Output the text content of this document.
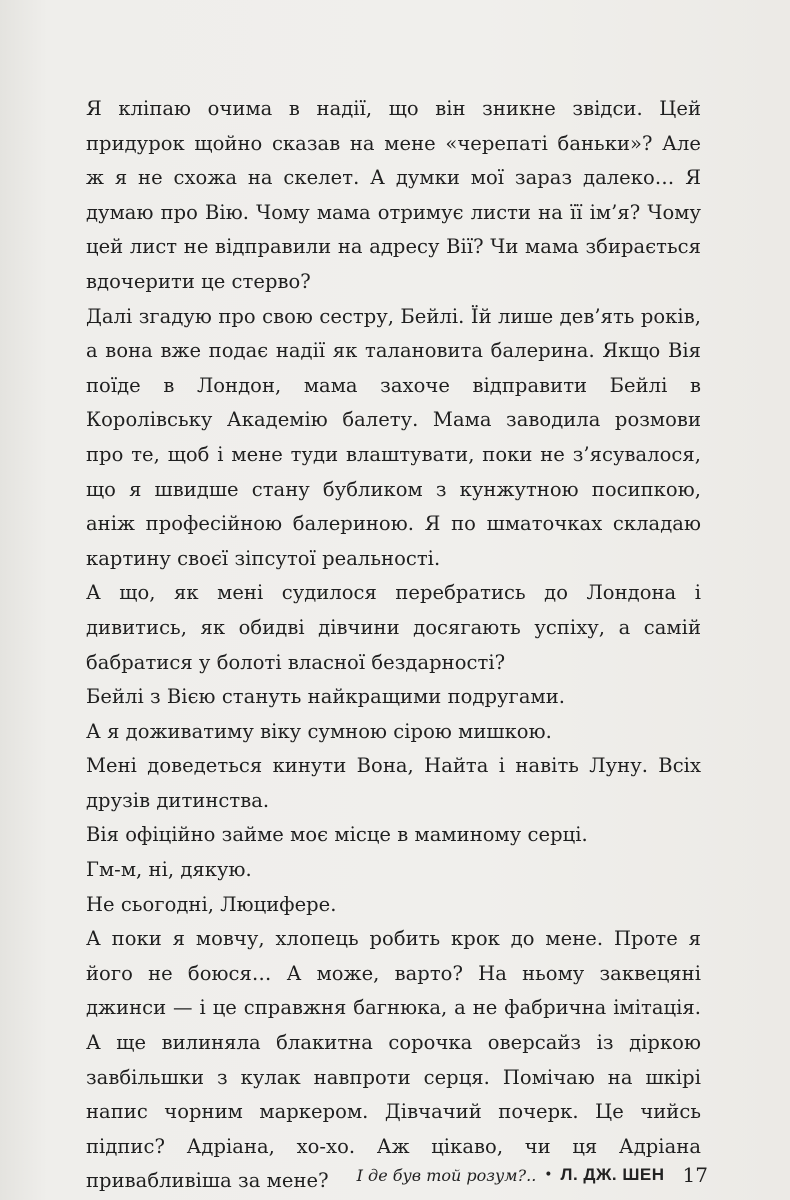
Я кліпаю очима в надії, що він зникне звідси. Цей придурок щойно сказав на мене «черепаті баньки»? Але ж я не схожа на скелет. А думки мої зараз далеко… Я думаю про Вію. Чому мама отримує листи на її ім’я? Чому цей лист не відправили на адресу Вії? Чи мама збирається вдочерити це стерво?

Далі згадую про свою сестру, Бейлі. Їй лише дев’ять років, а вона вже подає надії як талановита балерина. Якщо Вія поїде в Лондон, мама захоче відправити Бейлі в Королівську Академію балету. Мама заводила розмови про те, щоб і мене туди влаштувати, поки не з’ясувалося, що я швидше стану бубликом з кунжутною посипкою, аніж професійною балериною. Я по шматочках складаю картину своєї зіпсутої реальності.

А що, як мені судилося перебратись до Лондона і дивитись, як обидві дівчини досягають успіху, а самій бабратися у болоті власної бездарності?

Бейлі з Вією стануть найкращими подругами.

А я доживатиму віку сумною сірою мишкою.

Мені доведеться кинути Вона, Найта і навіть Луну. Всіх друзів дитинства.

Вія офіційно займе моє місце в маминому серці.

Гм-м, ні, дякую.

Не сьогодні, Люцифере.

А поки я мовчу, хлопець робить крок до мене. Проте я його не боюся… А може, варто? На ньому заквецяні джинси — і це справжня багнюка, а не фабрична імітація. А ще вилиняла блакитна сорочка оверсайз із діркою завбільшки з кулак навпроти серця. Помічаю на шкірі напис чорним маркером. Дівчачий почерк. Це чийсь підпис? Адріана, хо-хо. Аж цікаво, чи ця Адріана привабливіша за мене?	І де був той розум?.. • Л. ДЖ. ШЕН 17
